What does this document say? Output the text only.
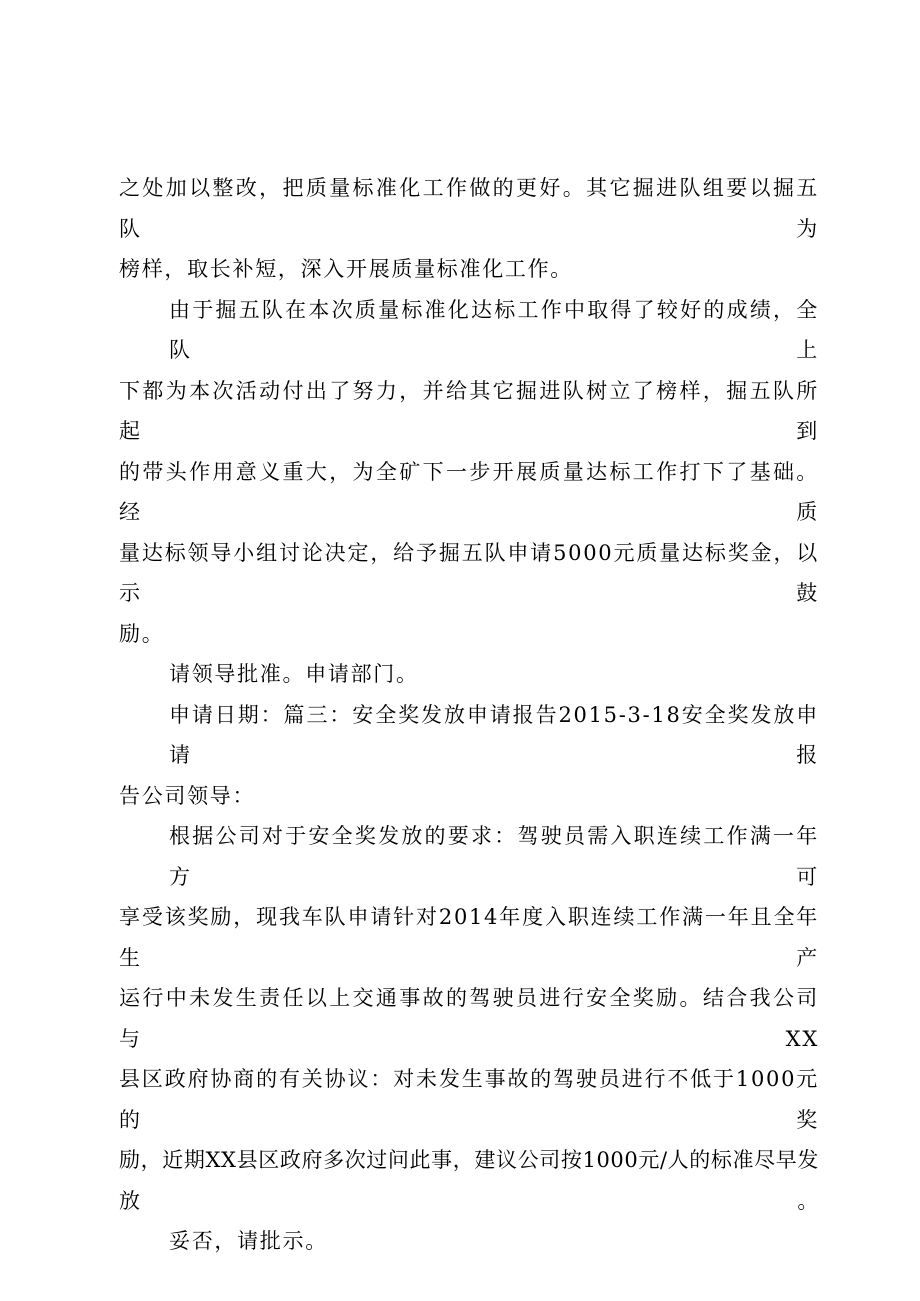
之处加以整改，把质量标准化工作做的更好。其它掘进队组要以掘五队为
榜样，取长补短，深入开展质量标准化工作。

由于掘五队在本次质量标准化达标工作中取得了较好的成绩，全队上
下都为本次活动付出了努力，并给其它掘进队树立了榜样，掘五队所起到
的带头作用意义重大，为全矿下一步开展质量达标工作打下了基础。经质
量达标领导小组讨论决定，给予掘五队申请5000元质量达标奖金，以示鼓
励。

请领导批准。申请部门。

申请日期：篇三：安全奖发放申请报告2015-3-18安全奖发放申请报
告公司领导：

根据公司对于安全奖发放的要求：驾驶员需入职连续工作满一年方可
享受该奖励，现我车队申请针对2014年度入职连续工作满一年且全年生产
运行中未发生责任以上交通事故的驾驶员进行安全奖励。结合我公司与XX
县区政府协商的有关协议：对未发生事故的驾驶员进行不低于1000元的奖
励，近期XX县区政府多次过问此事，建议公司按1000元/人的标准尽早发放。

妥否，请批示。
